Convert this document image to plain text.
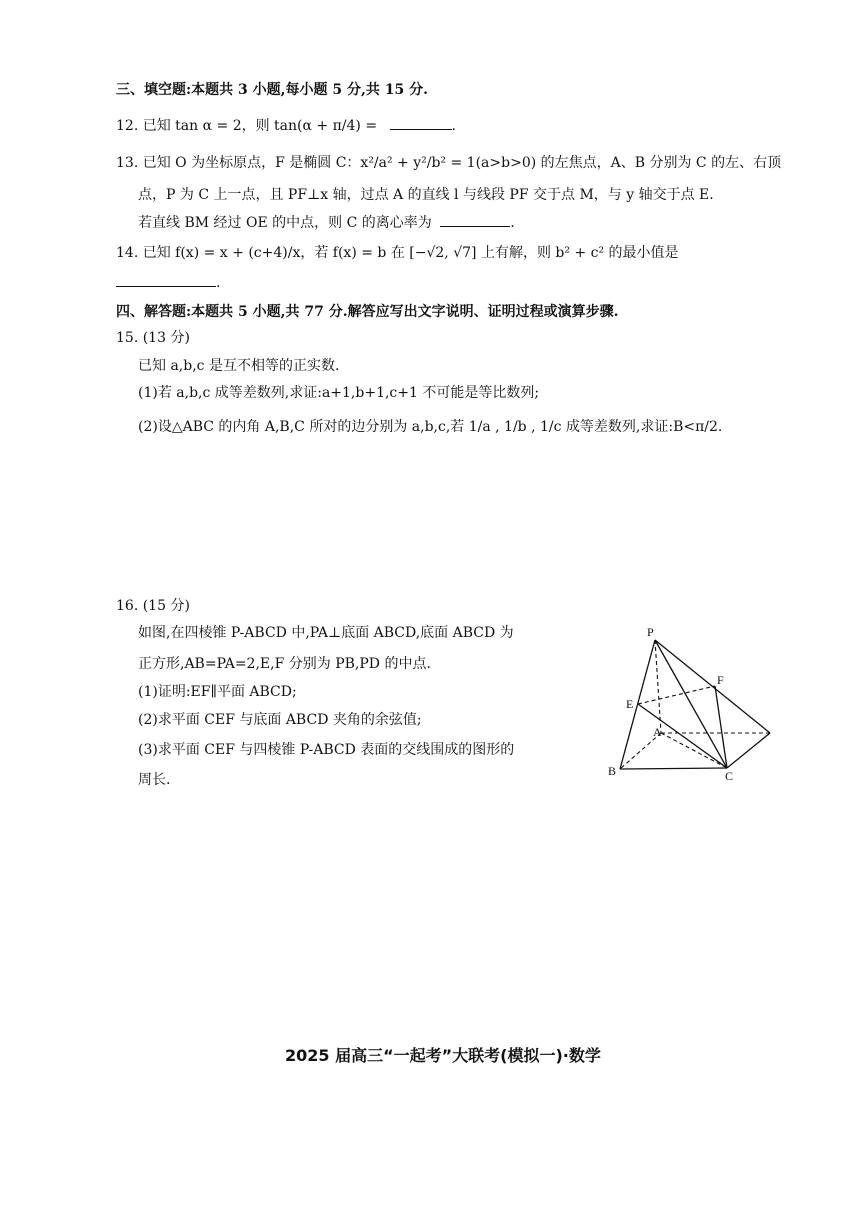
三、填空题:本题共 3 小题,每小题 5 分,共 15 分.
12. 已知 tan α = 2，则 tan(α + π/4) =	.
13. 已知 O 为坐标原点，F 是椭圆 C：x²/a² + y²/b² = 1(a>b>0) 的左焦点，A、B 分别为 C 的左、右顶
点，P 为 C 上一点，且 PF⊥x 轴，过点 A 的直线 l 与线段 PF 交于点 M，与 y 轴交于点 E.
若直线 BM 经过 OE 的中点，则 C 的离心率为	.
14. 已知 f(x) = x + (c+4)/x，若 f(x) = b 在 [−√2, √7] 上有解，则 b² + c² 的最小值是
.
四、解答题:本题共 5 小题,共 77 分.解答应写出文字说明、证明过程或演算步骤.
15. (13 分)
已知 a,b,c 是互不相等的正实数.
(1)若 a,b,c 成等差数列,求证:a+1,b+1,c+1 不可能是等比数列;
(2)设△ABC 的内角 A,B,C 所对的边分别为 a,b,c,若 1/a , 1/b , 1/c 成等差数列,求证:B<π/2.
16. (15 分)
如图,在四棱锥 P-ABCD 中,PA⊥底面 ABCD,底面 ABCD 为
正方形,AB=PA=2,E,F 分别为 PB,PD 的中点.
(1)证明:EF∥平面 ABCD;
(2)求平面 CEF 与底面 ABCD 夹角的余弦值;
(3)求平面 CEF 与四棱锥 P-ABCD 表面的交线围成的图形的
周长.
P
F
E
A
B	C
2025 届高三“一起考”大联考(模拟一)·数学
